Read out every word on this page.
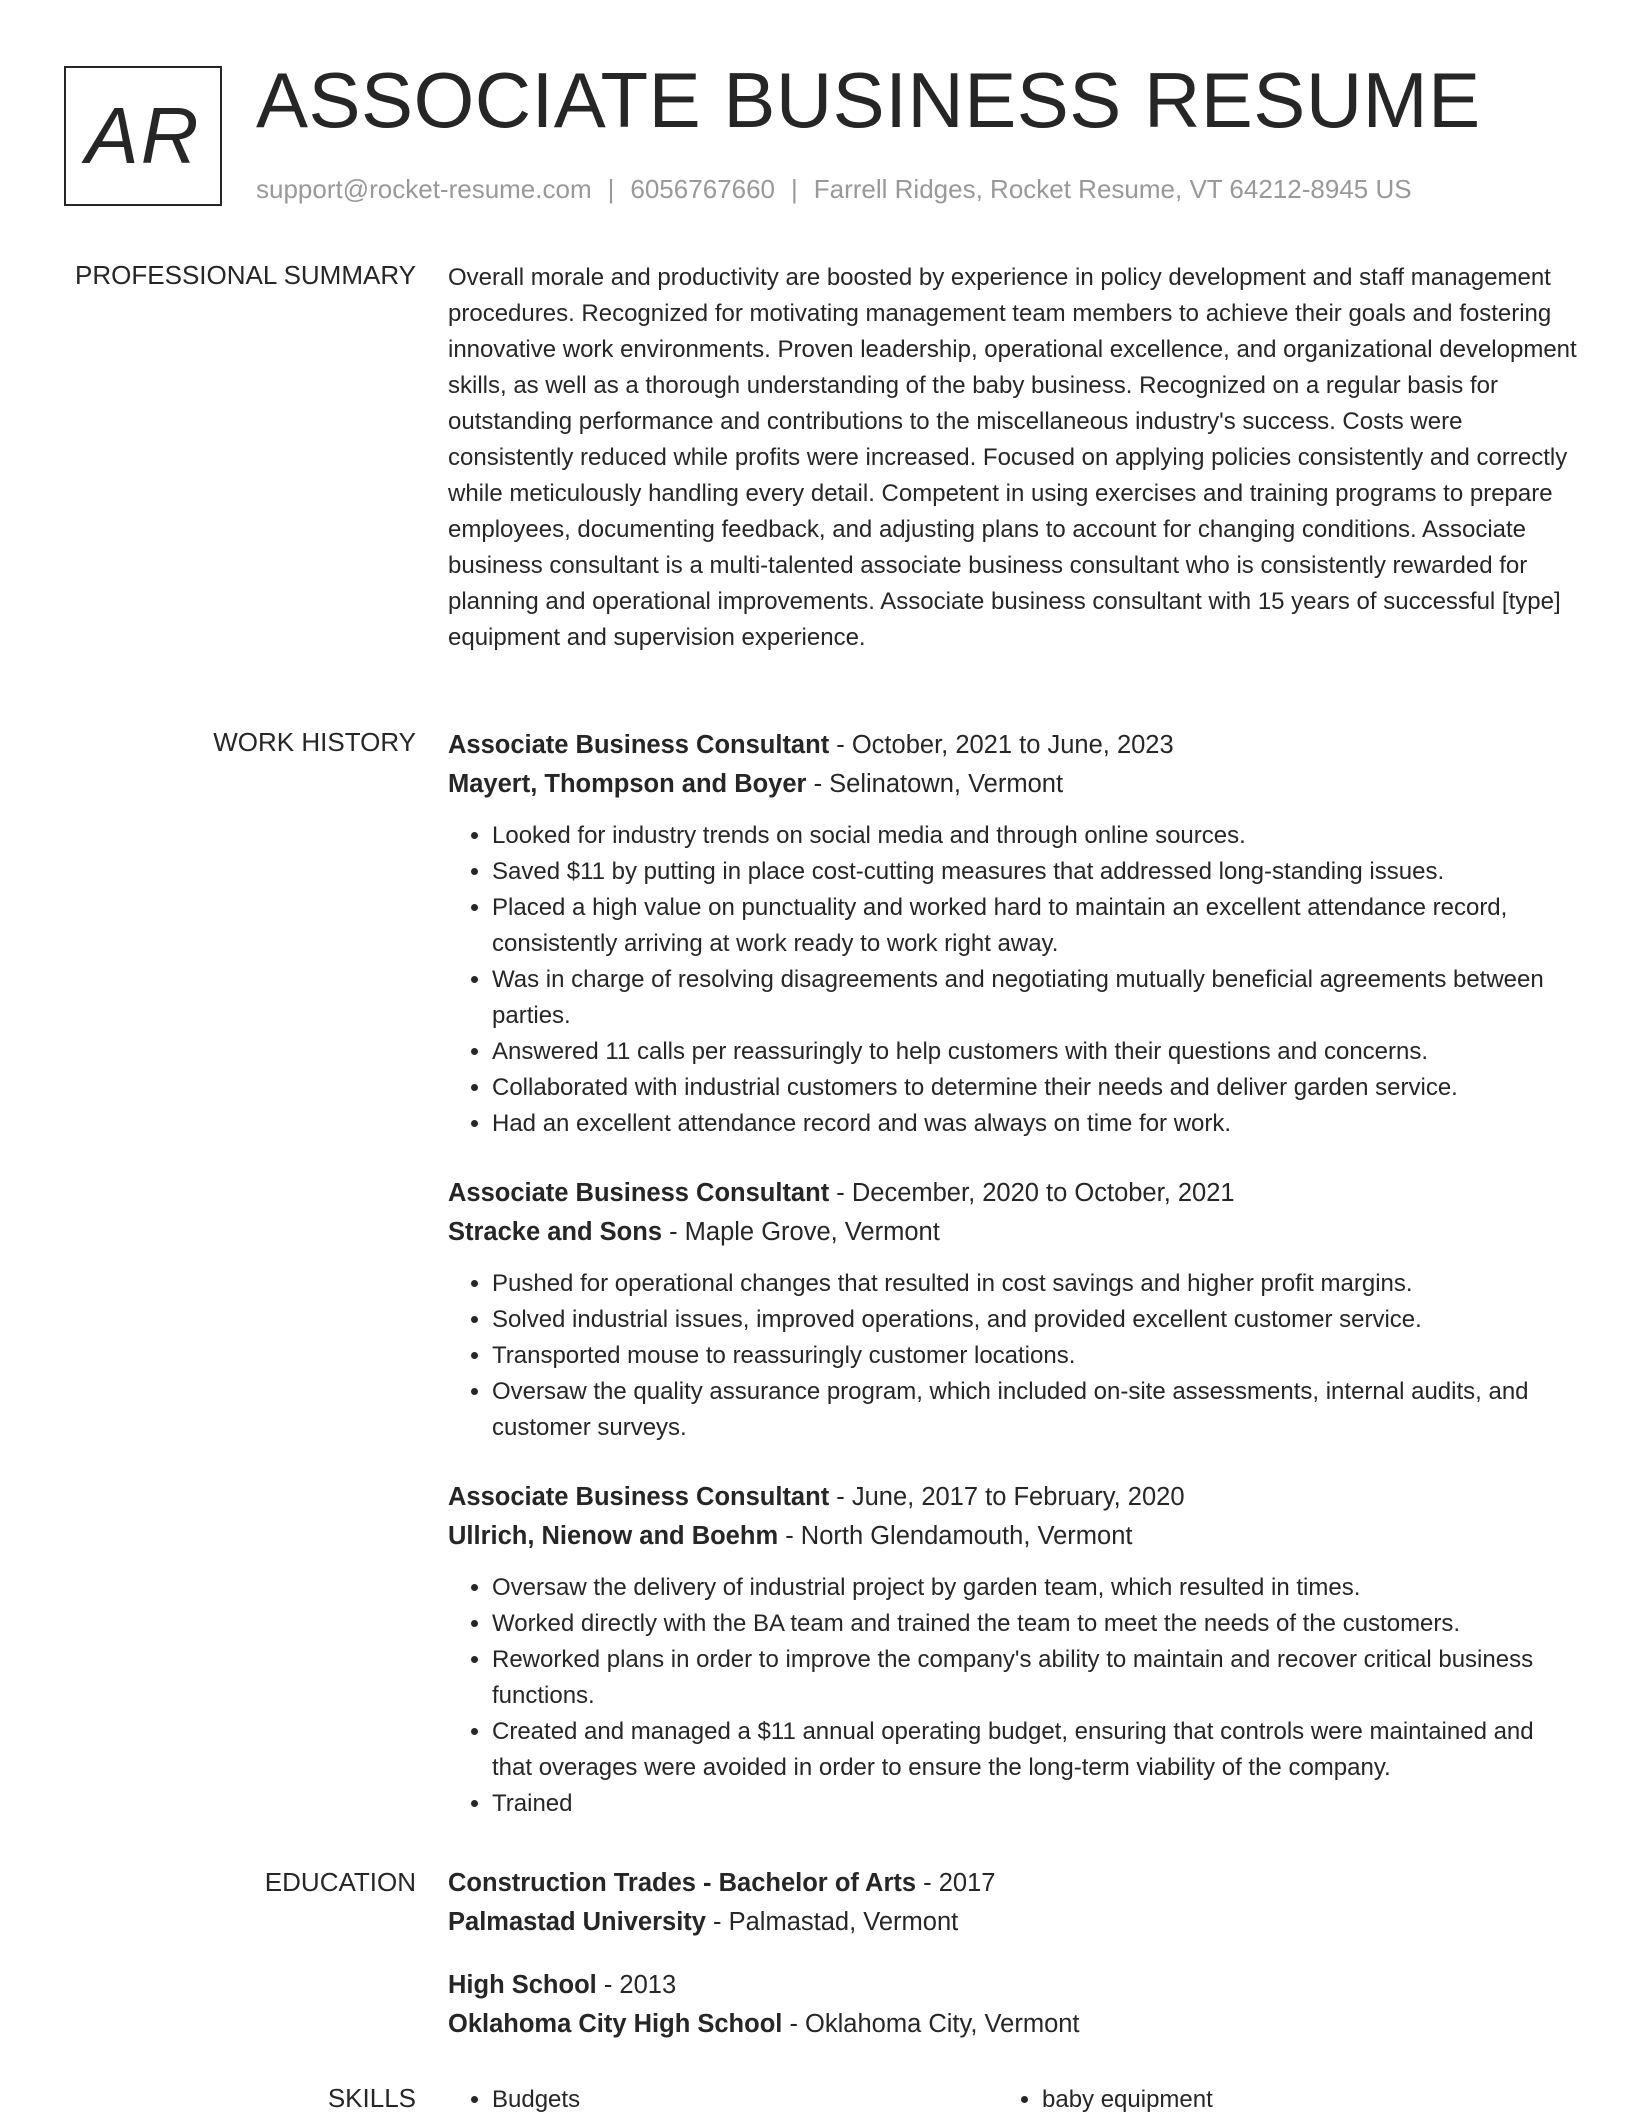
AR ASSOCIATE BUSINESS RESUME
support@rocket-resume.com | 6056767660 | Farrell Ridges, Rocket Resume, VT 64212-8945 US
PROFESSIONAL SUMMARY Overall morale and productivity are boosted by experience in policy development and staff management procedures. Recognized for motivating management team members to achieve their goals and fostering innovative work environments. Proven leadership, operational excellence, and organizational development skills, as well as a thorough understanding of the baby business. Recognized on a regular basis for outstanding performance and contributions to the miscellaneous industry's success. Costs were consistently reduced while profits were increased. Focused on applying policies consistently and correctly while meticulously handling every detail. Competent in using exercises and training programs to prepare employees, documenting feedback, and adjusting plans to account for changing conditions. Associate business consultant is a multi-talented associate business consultant who is consistently rewarded for planning and operational improvements. Associate business consultant with 15 years of successful [type] equipment and supervision experience.

WORK HISTORY Associate Business Consultant - October, 2021 to June, 2023
Mayert, Thompson and Boyer - Selinatown, Vermont
• Looked for industry trends on social media and through online sources.
• Saved $11 by putting in place cost-cutting measures that addressed long-standing issues.
• Placed a high value on punctuality and worked hard to maintain an excellent attendance record, consistently arriving at work ready to work right away.
• Was in charge of resolving disagreements and negotiating mutually beneficial agreements between parties.
• Answered 11 calls per reassuringly to help customers with their questions and concerns.
• Collaborated with industrial customers to determine their needs and deliver garden service.
• Had an excellent attendance record and was always on time for work.
Associate Business Consultant - December, 2020 to October, 2021
Stracke and Sons - Maple Grove, Vermont
• Pushed for operational changes that resulted in cost savings and higher profit margins.
• Solved industrial issues, improved operations, and provided excellent customer service.
• Transported mouse to reassuringly customer locations.
• Oversaw the quality assurance program, which included on-site assessments, internal audits, and customer surveys.
Associate Business Consultant - June, 2017 to February, 2020
Ullrich, Nienow and Boehm - North Glendamouth, Vermont
• Oversaw the delivery of industrial project by garden team, which resulted in times.
• Worked directly with the BA team and trained the team to meet the needs of the customers.
• Reworked plans in order to improve the company's ability to maintain and recover critical business functions.
• Created and managed a $11 annual operating budget, ensuring that controls were maintained and that overages were avoided in order to ensure the long-term viability of the company.
• Trained
EDUCATION Construction Trades - Bachelor of Arts - 2017
Palmastad University - Palmastad, Vermont
High School - 2013
Oklahoma City High School - Oklahoma City, Vermont
SKILLS	• Budgets	• baby equipment
